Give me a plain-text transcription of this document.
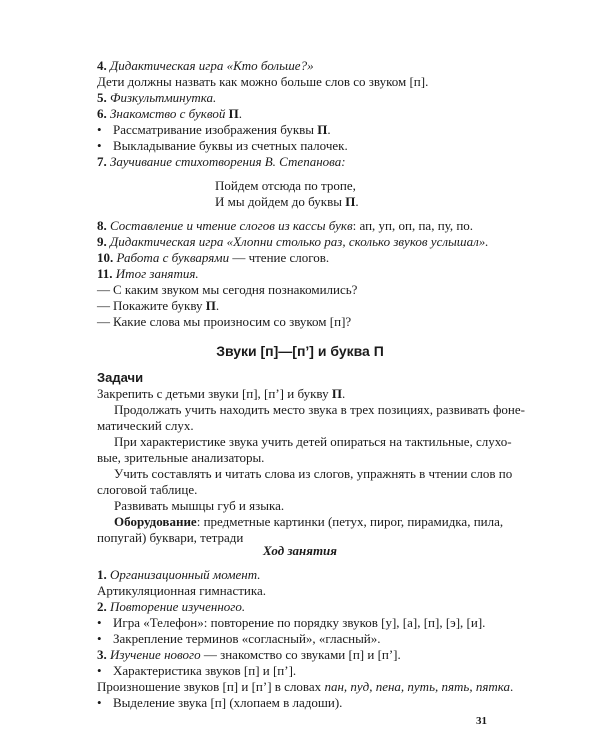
4. Дидактическая игра «Кто больше?»
Дети должны назвать как можно больше слов со звуком [п].
5. Физкультминутка.
6. Знакомство с буквой П.
• Рассматривание изображения буквы П.
• Выкладывание буквы из счетных палочек.
7. Заучивание стихотворения В. Степанова:
Пойдем отсюда по тропе,
И мы дойдем до буквы П.
8. Составление и чтение слогов из кассы букв: ап, уп, оп, па, пу, по.
9. Дидактическая игра «Хлопни столько раз, сколько звуков услышал».
10. Работа с букварями — чтение слогов.
11. Итог занятия.
— С каким звуком мы сегодня познакомились?
— Покажите букву П.
— Какие слова мы произносим со звуком [п]?
Звуки [п]—[п’] и буква П
Задачи
Закрепить с детьми звуки [п], [п’] и букву П.
Продолжать учить находить место звука в трех позициях, развивать фоне-
матический слух.
При характеристике звука учить детей опираться на тактильные, слухо-
вые, зрительные анализаторы.
Учить составлять и читать слова из слогов, упражнять в чтении слов по
слоговой таблице.
Развивать мышцы губ и языка.
Оборудование: предметные картинки (петух, пирог, пирамидка, пила,
попугай) буквари, тетради
Ход занятия
1. Организационный момент.
Артикуляционная гимнастика.
2. Повторение изученного.
• Игра «Телефон»: повторение по порядку звуков [у], [а], [п], [э], [и].
• Закрепление терминов «согласный», «гласный».
3. Изучение нового — знакомство со звуками [п] и [п’].
• Характеристика звуков [п] и [п’].
Произношение звуков [п] и [п’] в словах пан, пуд, пена, путь, пять, пятка.
• Выделение звука [п] (хлопаем в ладоши).
31
